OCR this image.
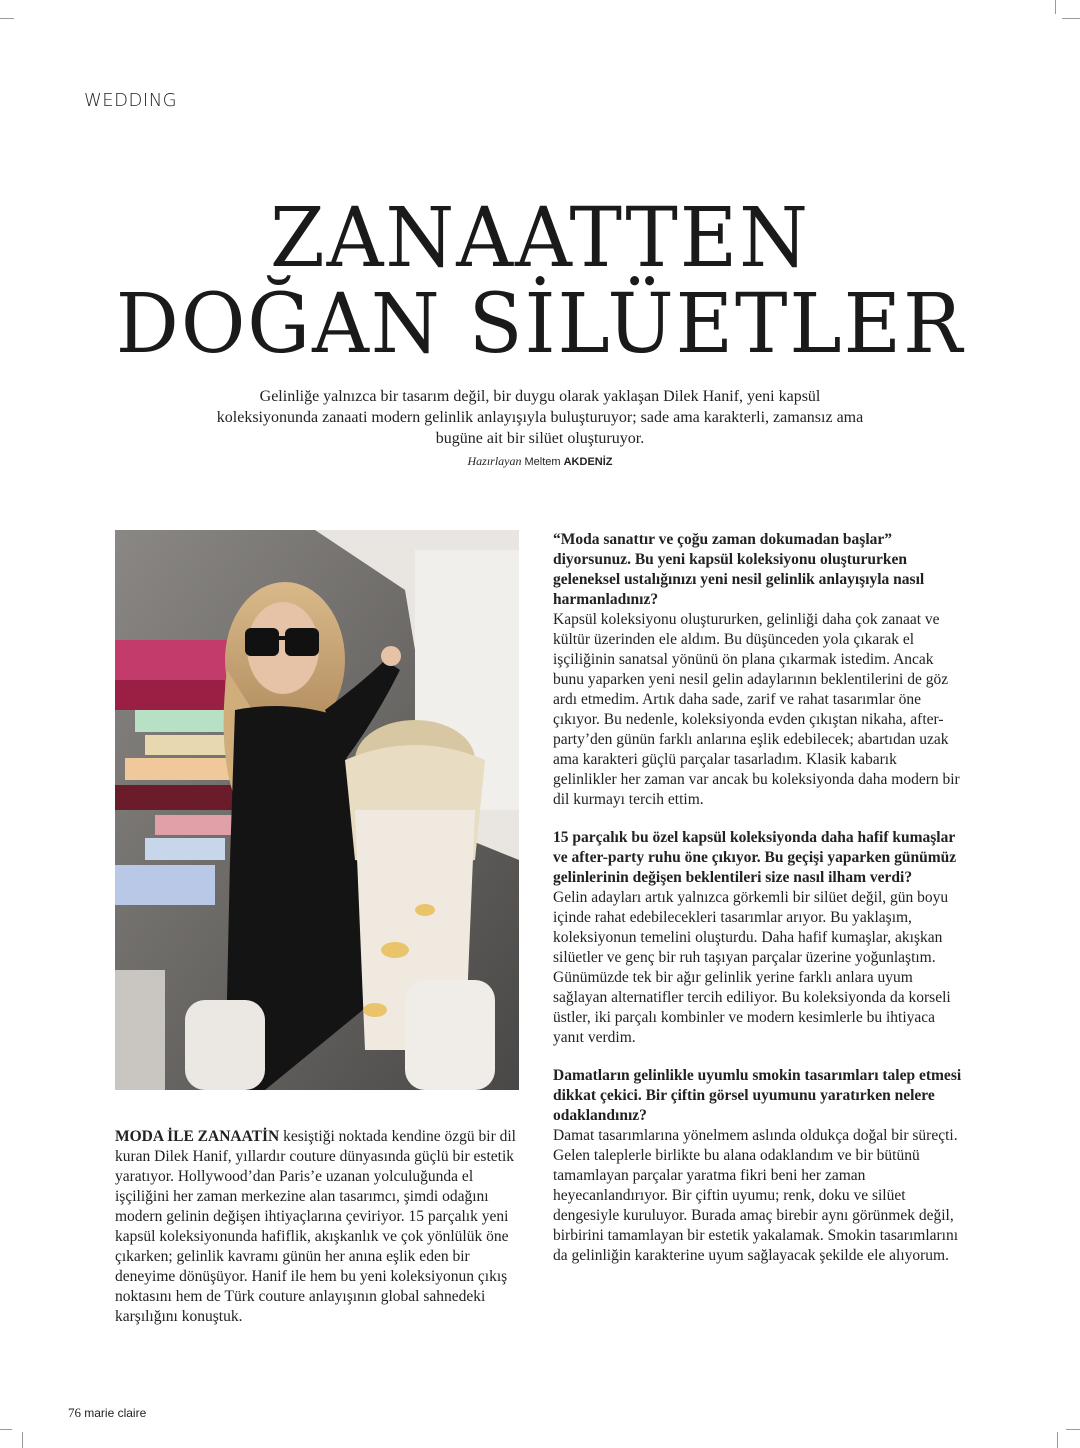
WEDDING
ZANAATTEN
DOĞAN SİLÜETLER

Gelinliğe yalnızca bir tasarım değil, bir duygu olarak yaklaşan Dilek Hanif, yeni kapsül koleksiyonunda zanaati modern gelinlik anlayışıyla buluşturuyor; sade ama karakterli, zamansız ama bugüne ait bir silüet oluşturuyor.

Hazırlayan Meltem AKDENİZ
MODA İLE ZANAATİN kesiştiği noktada kendine özgü bir dil kuran Dilek Hanif, yıllardır couture dünyasında güçlü bir estetik yaratıyor. Hollywood’dan Paris’e uzanan yolculuğunda el işçiliğini her zaman merkezine alan tasarımcı, şimdi odağını modern gelinin değişen ihtiyaçlarına çeviriyor. 15 parçalık yeni kapsül koleksiyonunda hafiflik, akışkanlık ve çok yönlülük öne çıkarken; gelinlik kavramı günün her anına eşlik eden bir deneyime dönüşüyor. Hanif ile hem bu yeni koleksiyonun çıkış noktasını hem de Türk couture anlayışının global sahnedeki karşılığını konuştuk.
“Moda sanattır ve çoğu zaman dokumadan başlar” diyorsunuz. Bu yeni kapsül koleksiyonu oluştururken geleneksel ustalığınızı yeni nesil gelinlik anlayışıyla nasıl harmanladınız?
Kapsül koleksiyonu oluştururken, gelinliği daha çok zanaat ve kültür üzerinden ele aldım. Bu düşünceden yola çıkarak el işçiliğinin sanatsal yönünü ön plana çıkarmak istedim. Ancak bunu yaparken yeni nesil gelin adaylarının beklentilerini de göz ardı etmedim. Artık daha sade, zarif ve rahat tasarımlar öne çıkıyor. Bu nedenle, koleksiyonda evden çıkıştan nikaha, after-party’den günün farklı anlarına eşlik edebilecek; abartıdan uzak ama karakteri güçlü parçalar tasarladım. Klasik kabarık gelinlikler her zaman var ancak bu koleksiyonda daha modern bir dil kurmayı tercih ettim.
15 parçalık bu özel kapsül koleksiyonda daha hafif kumaşlar ve after-party ruhu öne çıkıyor. Bu geçişi yaparken günümüz gelinlerinin değişen beklentileri size nasıl ilham verdi?
Gelin adayları artık yalnızca görkemli bir silüet değil, gün boyu içinde rahat edebilecekleri tasarımlar arıyor. Bu yaklaşım, koleksiyonun temelini oluşturdu. Daha hafif kumaşlar, akışkan silüetler ve genç bir ruh taşıyan parçalar üzerine yoğunlaştım. Günümüzde tek bir ağır gelinlik yerine farklı anlara uyum sağlayan alternatifler tercih ediliyor. Bu koleksiyonda da korseli üstler, iki parçalı kombinler ve modern kesimlerle bu ihtiyaca yanıt verdim.
Damatların gelinlikle uyumlu smokin tasarımları talep etmesi dikkat çekici. Bir çiftin görsel uyumunu yaratırken nelere odaklandınız?
Damat tasarımlarına yönelmem aslında oldukça doğal bir süreçti. Gelen taleplerle birlikte bu alana odaklandım ve bir bütünü tamamlayan parçalar yaratma fikri beni her zaman heyecanlandırıyor. Bir çiftin uyumu; renk, doku ve silüet dengesiyle kuruluyor. Burada amaç birebir aynı görünmek değil, birbirini tamamlayan bir estetik yakalamak. Smokin tasarımlarını da gelinliğin karakterine uyum sağlayacak şekilde ele alıyorum.
76 marie claire
